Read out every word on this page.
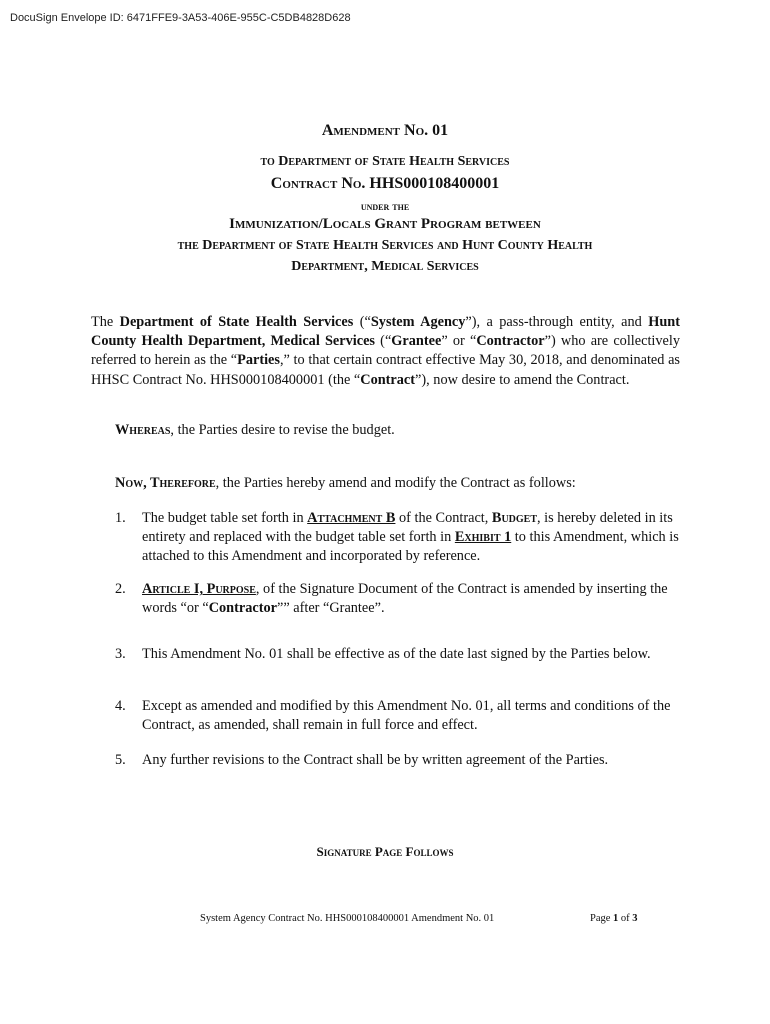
DocuSign Envelope ID: 6471FFE9-3A53-406E-955C-C5DB4828D628
Amendment No. 01
to Department of State Health Services
Contract No. HHS000108400001
under the
Immunization/Locals Grant Program between
the Department of State Health Services and Hunt County Health
Department, Medical Services

The Department of State Health Services (“System Agency”), a pass-through entity, and Hunt County Health Department, Medical Services (“Grantee” or “Contractor”) who are collectively referred to herein as the “Parties,” to that certain contract effective May 30, 2018, and denominated as HHSC Contract No. HHS000108400001 (the “Contract”), now desire to amend the Contract.

Whereas, the Parties desire to revise the budget.

Now, Therefore, the Parties hereby amend and modify the Contract as follows:

1.	The budget table set forth in Attachment B of the Contract, Budget, is hereby deleted in its entirety and replaced with the budget table set forth in Exhibit 1 to this Amendment, which is attached to this Amendment and incorporated by reference.
2.	Article I, Purpose, of the Signature Document of the Contract is amended by inserting the words “or “Contractor”” after “Grantee”.
3.	This Amendment No. 01 shall be effective as of the date last signed by the Parties below.
4.	Except as amended and modified by this Amendment No. 01, all terms and conditions of the Contract, as amended, shall remain in full force and effect.
5.	Any further revisions to the Contract shall be by written agreement of the Parties.
Signature Page Follows
System Agency Contract No. HHS000108400001 Amendment No. 01	Page 1 of 3
